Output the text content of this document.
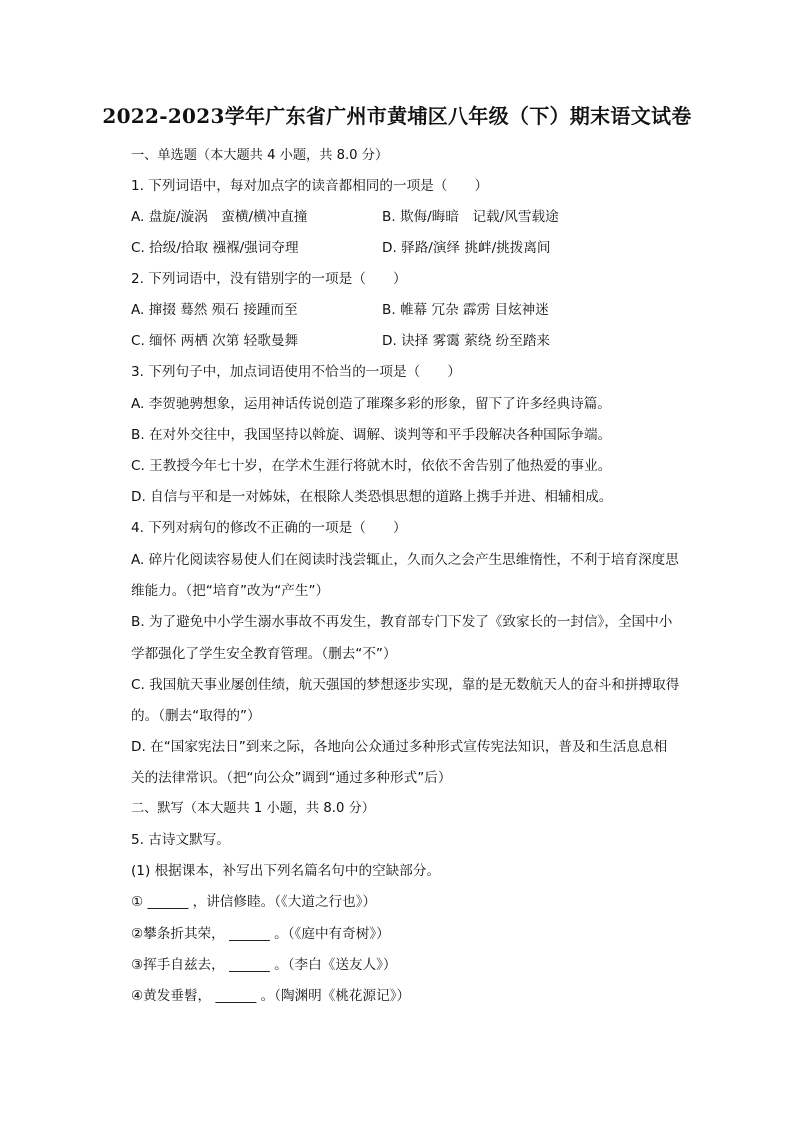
2022-2023学年广东省广州市黄埔区八年级（下）期末语文试卷
一、单选题（本大题共 4 小题，共 8.0 分）
1. 下列词语中，每对加点字的读音都相同的一项是（　　）
A. 盘旋/漩涡　蛮横/横冲直撞	B. 欺侮/晦暗　记载/风雪载途
C. 拾级/拾取 襁褓/强词夺理	D. 驿路/演绎 挑衅/挑拨离间
2. 下列词语中，没有错别字的一项是（　　）
A. 撺掇 蓦然 殒石 接踵而至	B. 帷幕 冗杂 霹雳 目炫神迷
C. 缅怀 两栖 次第 轻歌曼舞	D. 诀择 雾霭 萦绕 纷至踏来
3. 下列句子中，加点词语使用不恰当的一项是（　　）
A. 李贺驰骋想象，运用神话传说创造了璀璨多彩的形象，留下了许多经典诗篇。
B. 在对外交往中，我国坚持以斡旋、调解、谈判等和平手段解决各种国际争端。
C. 王教授今年七十岁，在学术生涯行将就木时，依依不舍告别了他热爱的事业。
D. 自信与平和是一对姊妹，在根除人类恐惧思想的道路上携手并进、相辅相成。
4. 下列对病句的修改不正确的一项是（　　）
A. 碎片化阅读容易使人们在阅读时浅尝辄止，久而久之会产生思维惰性，不利于培育深度思
维能力。（把“培育”改为“产生”）
B. 为了避免中小学生溺水事故不再发生，教育部专门下发了《致家长的一封信》，全国中小
学都强化了学生安全教育管理。（删去“不”）
C. 我国航天事业屡创佳绩，航天强国的梦想逐步实现，靠的是无数航天人的奋斗和拼搏取得
的。（删去“取得的”）
D. 在“国家宪法日”到来之际，各地向公众通过多种形式宣传宪法知识，普及和生活息息相
关的法律常识。（把“向公众”调到“通过多种形式”后）
二、默写（本大题共 1 小题，共 8.0 分）
5. 古诗文默写。
(1) 根据课本，补写出下列名篇名句中的空缺部分。
① ______ ，讲信修睦。（《大道之行也》）
②攀条折其荣， ______ 。（《庭中有奇树》）
③挥手自兹去， ______ 。（李白《送友人》）
④黄发垂髫， ______ 。（陶渊明《桃花源记》）
